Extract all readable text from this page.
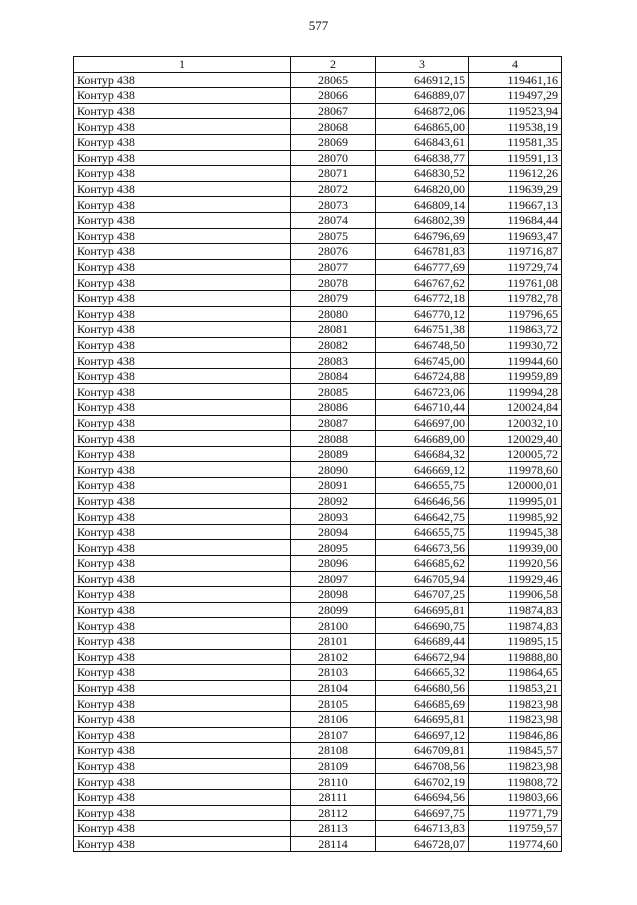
577
1	2	3	4
Контур 438	28065	646912,15	119461,16
Контур 438	28066	646889,07	119497,29
Контур 438	28067	646872,06	119523,94
Контур 438	28068	646865,00	119538,19
Контур 438	28069	646843,61	119581,35
Контур 438	28070	646838,77	119591,13
Контур 438	28071	646830,52	119612,26
Контур 438	28072	646820,00	119639,29
Контур 438	28073	646809,14	119667,13
Контур 438	28074	646802,39	119684,44
Контур 438	28075	646796,69	119693,47
Контур 438	28076	646781,83	119716,87
Контур 438	28077	646777,69	119729,74
Контур 438	28078	646767,62	119761,08
Контур 438	28079	646772,18	119782,78
Контур 438	28080	646770,12	119796,65
Контур 438	28081	646751,38	119863,72
Контур 438	28082	646748,50	119930,72
Контур 438	28083	646745,00	119944,60
Контур 438	28084	646724,88	119959,89
Контур 438	28085	646723,06	119994,28
Контур 438	28086	646710,44	120024,84
Контур 438	28087	646697,00	120032,10
Контур 438	28088	646689,00	120029,40
Контур 438	28089	646684,32	120005,72
Контур 438	28090	646669,12	119978,60
Контур 438	28091	646655,75	120000,01
Контур 438	28092	646646,56	119995,01
Контур 438	28093	646642,75	119985,92
Контур 438	28094	646655,75	119945,38
Контур 438	28095	646673,56	119939,00
Контур 438	28096	646685,62	119920,56
Контур 438	28097	646705,94	119929,46
Контур 438	28098	646707,25	119906,58
Контур 438	28099	646695,81	119874,83
Контур 438	28100	646690,75	119874,83
Контур 438	28101	646689,44	119895,15
Контур 438	28102	646672,94	119888,80
Контур 438	28103	646665,32	119864,65
Контур 438	28104	646680,56	119853,21
Контур 438	28105	646685,69	119823,98
Контур 438	28106	646695,81	119823,98
Контур 438	28107	646697,12	119846,86
Контур 438	28108	646709,81	119845,57
Контур 438	28109	646708,56	119823,98
Контур 438	28110	646702,19	119808,72
Контур 438	28111	646694,56	119803,66
Контур 438	28112	646697,75	119771,79
Контур 438	28113	646713,83	119759,57
Контур 438	28114	646728,07	119774,60
